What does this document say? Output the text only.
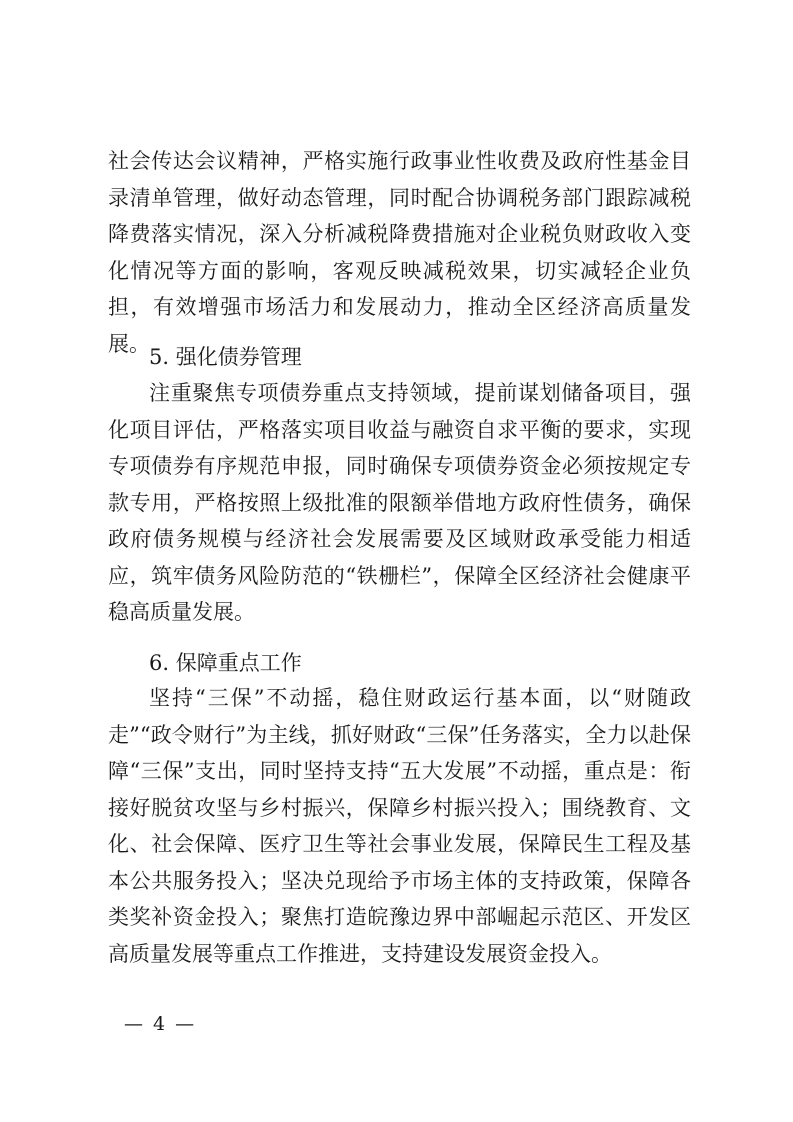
社会传达会议精神，严格实施行政事业性收费及政府性基金目录清单管理，做好动态管理，同时配合协调税务部门跟踪减税降费落实情况，深入分析减税降费措施对企业税负财政收入变化情况等方面的影响，客观反映减税效果，切实减轻企业负担，有效增强市场活力和发展动力，推动全区经济高质量发展。
5. 强化债券管理
注重聚焦专项债券重点支持领域，提前谋划储备项目，强化项目评估，严格落实项目收益与融资自求平衡的要求，实现专项债券有序规范申报，同时确保专项债券资金必须按规定专款专用，严格按照上级批准的限额举借地方政府性债务，确保政府债务规模与经济社会发展需要及区域财政承受能力相适应，筑牢债务风险防范的“铁栅栏”，保障全区经济社会健康平稳高质量发展。
6. 保障重点工作
坚持“三保”不动摇，稳住财政运行基本面，以“财随政走”“政令财行”为主线，抓好财政“三保”任务落实，全力以赴保障“三保”支出，同时坚持支持“五大发展”不动摇，重点是：衔接好脱贫攻坚与乡村振兴，保障乡村振兴投入；围绕教育、文化、社会保障、医疗卫生等社会事业发展，保障民生工程及基本公共服务投入；坚决兑现给予市场主体的支持政策，保障各类奖补资金投入；聚焦打造皖豫边界中部崛起示范区、开发区高质量发展等重点工作推进，支持建设发展资金投入。
— 4 —
